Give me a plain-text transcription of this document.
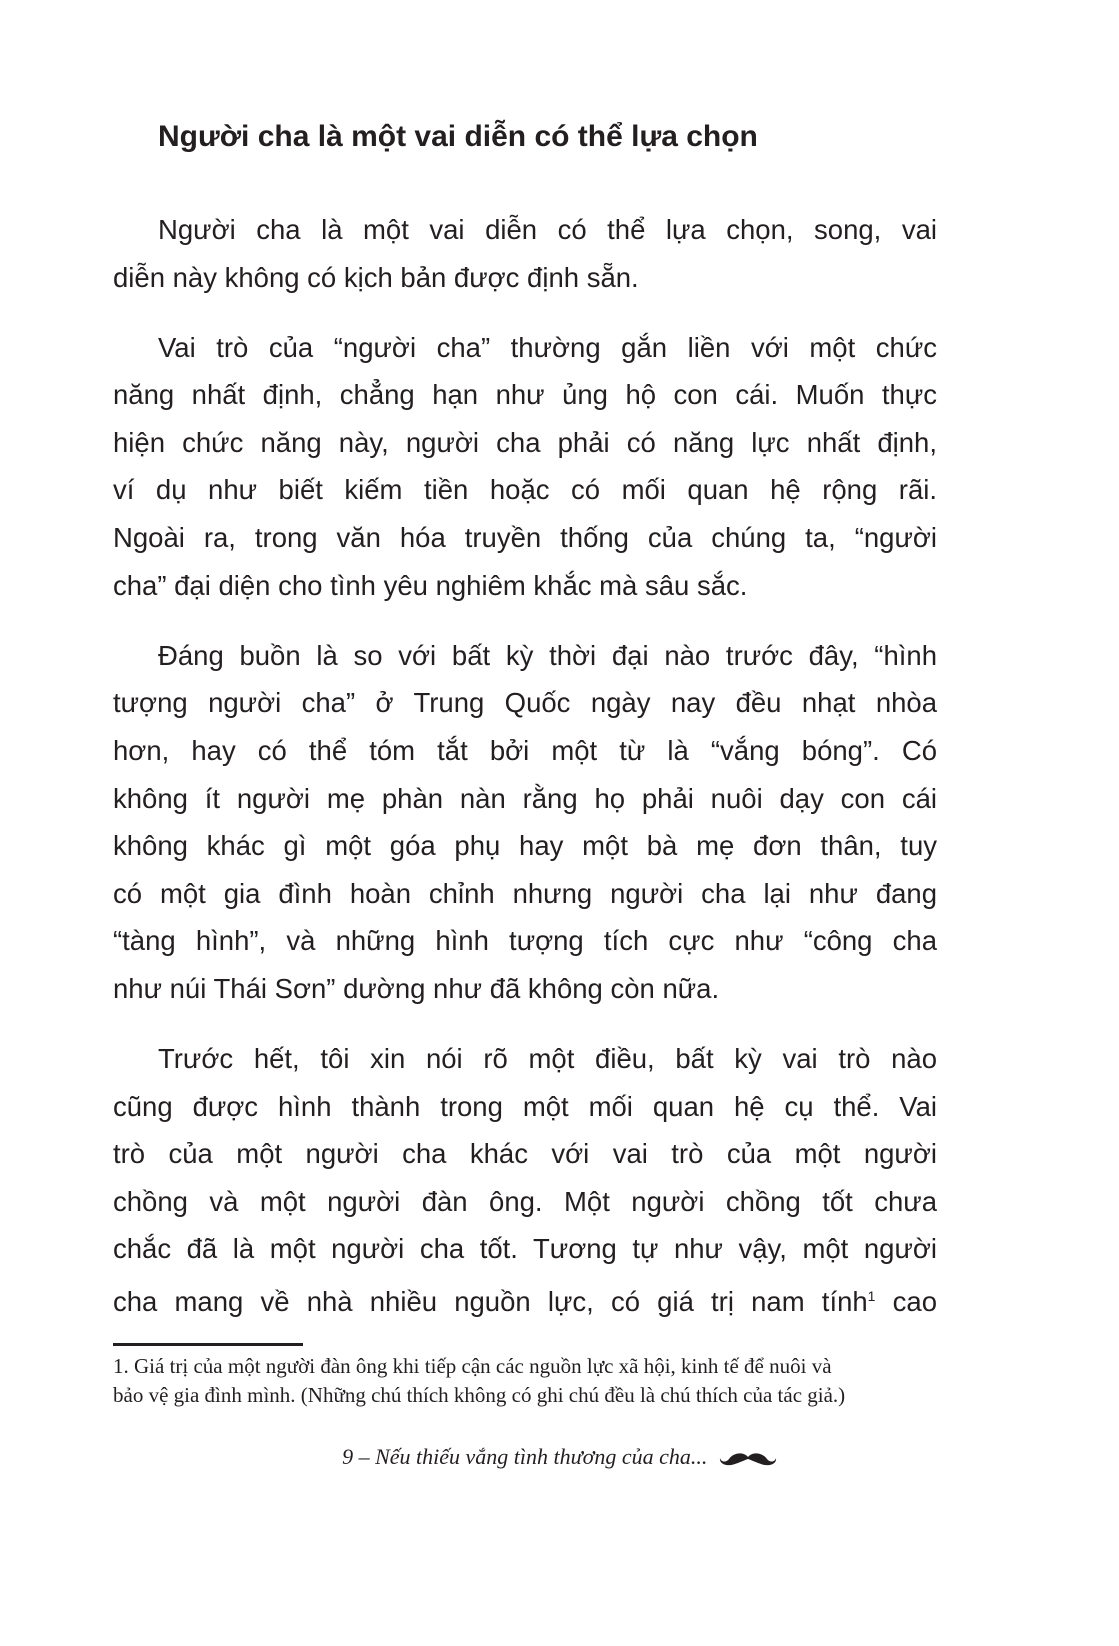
Người cha là một vai diễn có thể lựa chọn
Người cha là một vai diễn có thể lựa chọn, song, vai
diễn này không có kịch bản được định sẵn.
Vai trò của “người cha” thường gắn liền với một chức
năng nhất định, chẳng hạn như ủng hộ con cái. Muốn thực
hiện chức năng này, người cha phải có năng lực nhất định,
ví dụ như biết kiếm tiền hoặc có mối quan hệ rộng rãi.
Ngoài ra, trong văn hóa truyền thống của chúng ta, “người
cha” đại diện cho tình yêu nghiêm khắc mà sâu sắc.
Đáng buồn là so với bất kỳ thời đại nào trước đây, “hình
tượng người cha” ở Trung Quốc ngày nay đều nhạt nhòa
hơn, hay có thể tóm tắt bởi một từ là “vắng bóng”. Có
không ít người mẹ phàn nàn rằng họ phải nuôi dạy con cái
không khác gì một góa phụ hay một bà mẹ đơn thân, tuy
có một gia đình hoàn chỉnh nhưng người cha lại như đang
“tàng hình”, và những hình tượng tích cực như “công cha
như núi Thái Sơn” dường như đã không còn nữa.
Trước hết, tôi xin nói rõ một điều, bất kỳ vai trò nào
cũng được hình thành trong một mối quan hệ cụ thể. Vai
trò của một người cha khác với vai trò của một người
chồng và một người đàn ông. Một người chồng tốt chưa
chắc đã là một người cha tốt. Tương tự như vậy, một người
cha mang về nhà nhiều nguồn lực, có giá trị nam tính$^1$ cao
1. Giá trị của một người đàn ông khi tiếp cận các nguồn lực xã hội, kinh tế để nuôi và
bảo vệ gia đình mình. (Những chú thích không có ghi chú đều là chú thích của tác giả.)
9 – Nếu thiếu vắng tình thương của cha...
